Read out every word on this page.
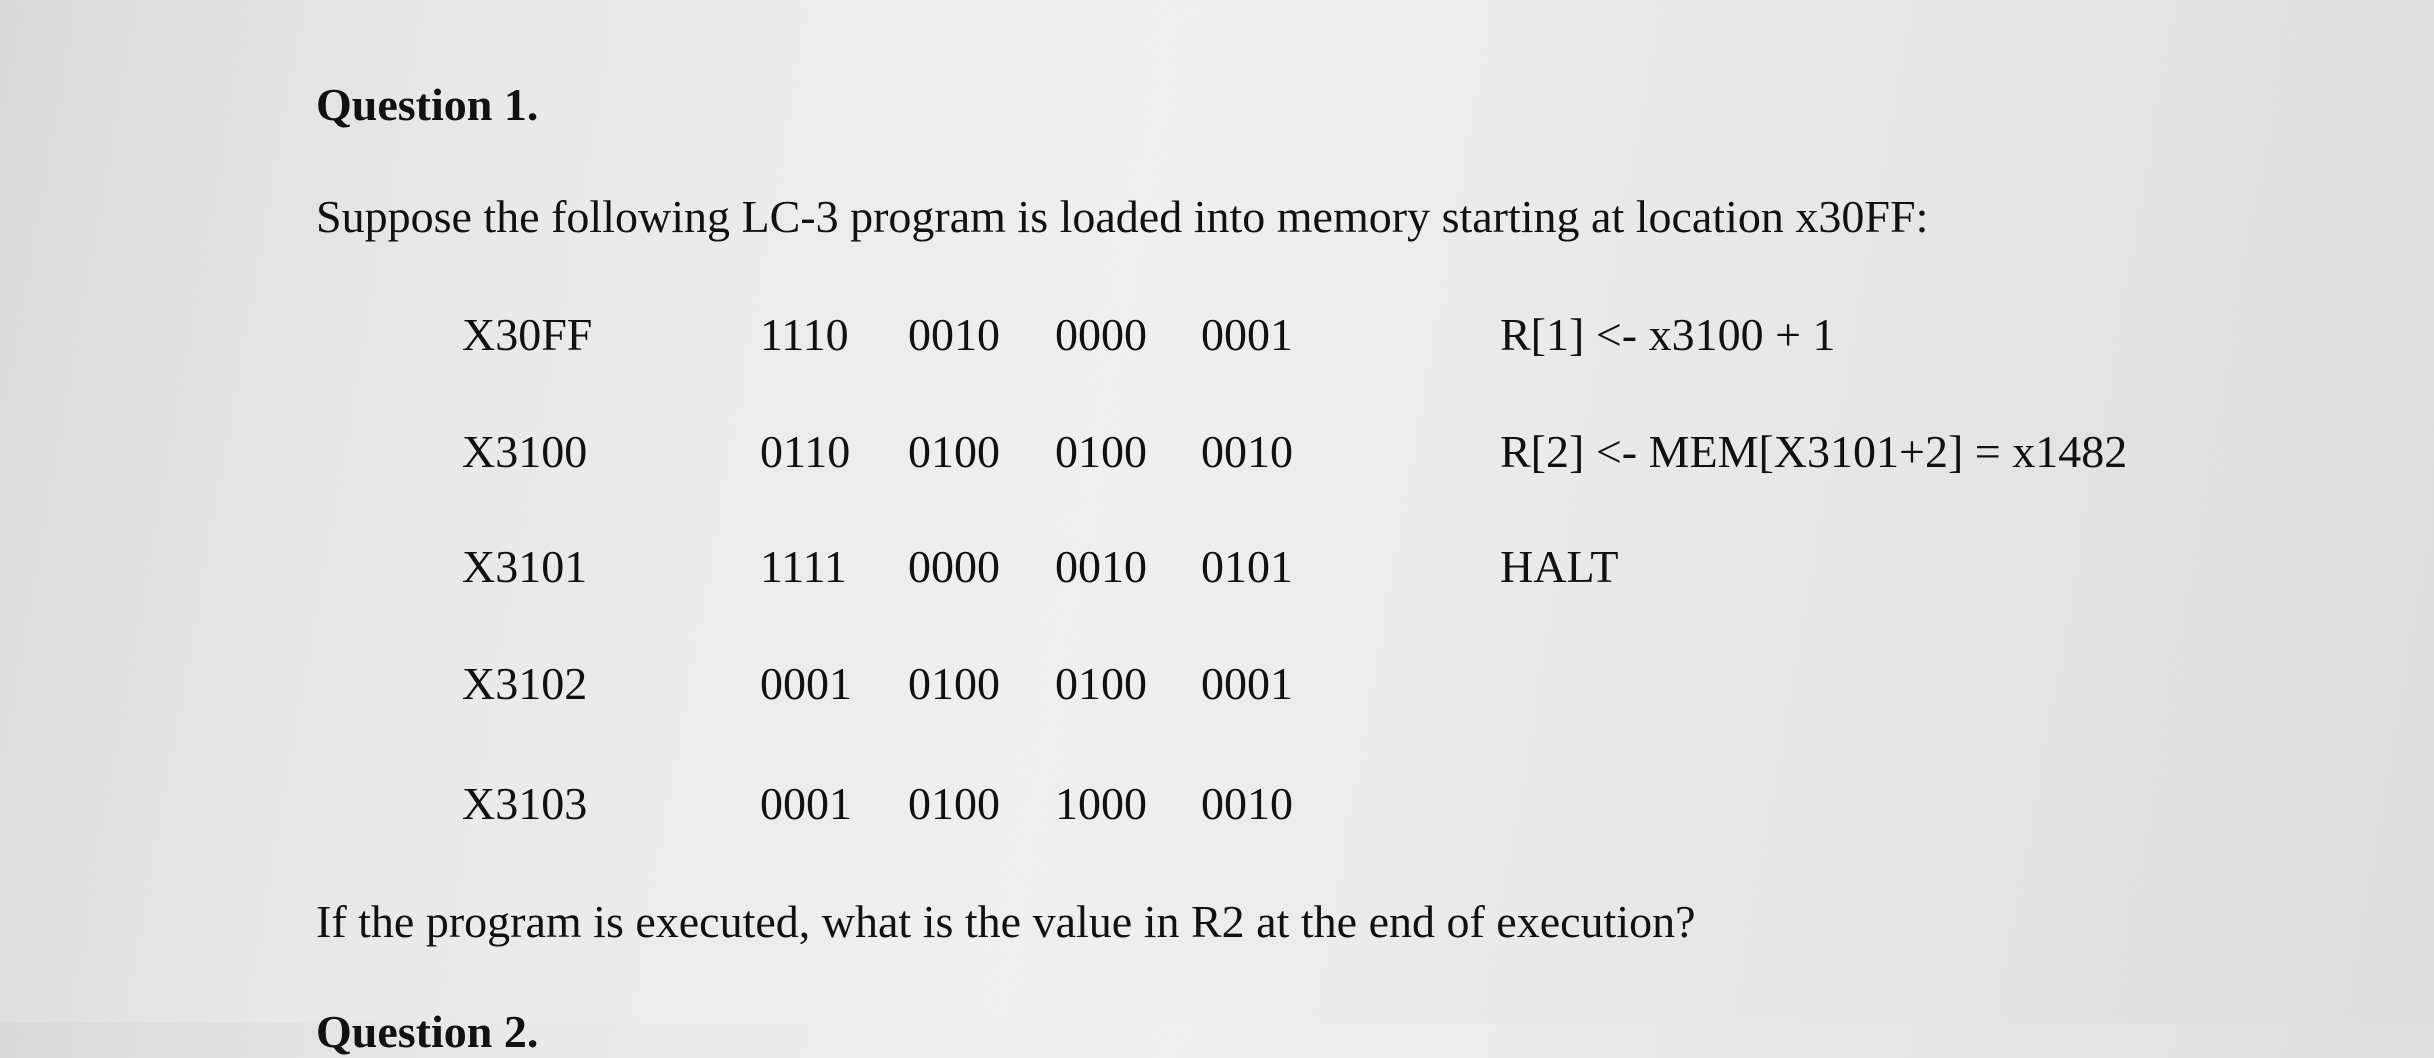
Question 1.
Suppose the following LC-3 program is loaded into memory starting at location x30FF:
X30FF	1110 0010 0000 0001	R[1] <- x3100 + 1
X3100	0110 0100 0100 0010	R[2] <- MEM[X3101+2] = x1482
X3101	1111 0000 0010 0101	HALT
X3102	0001 0100 0100 0001
X3103	0001 0100 1000 0010
If the program is executed, what is the value in R2 at the end of execution?
Question 2.
